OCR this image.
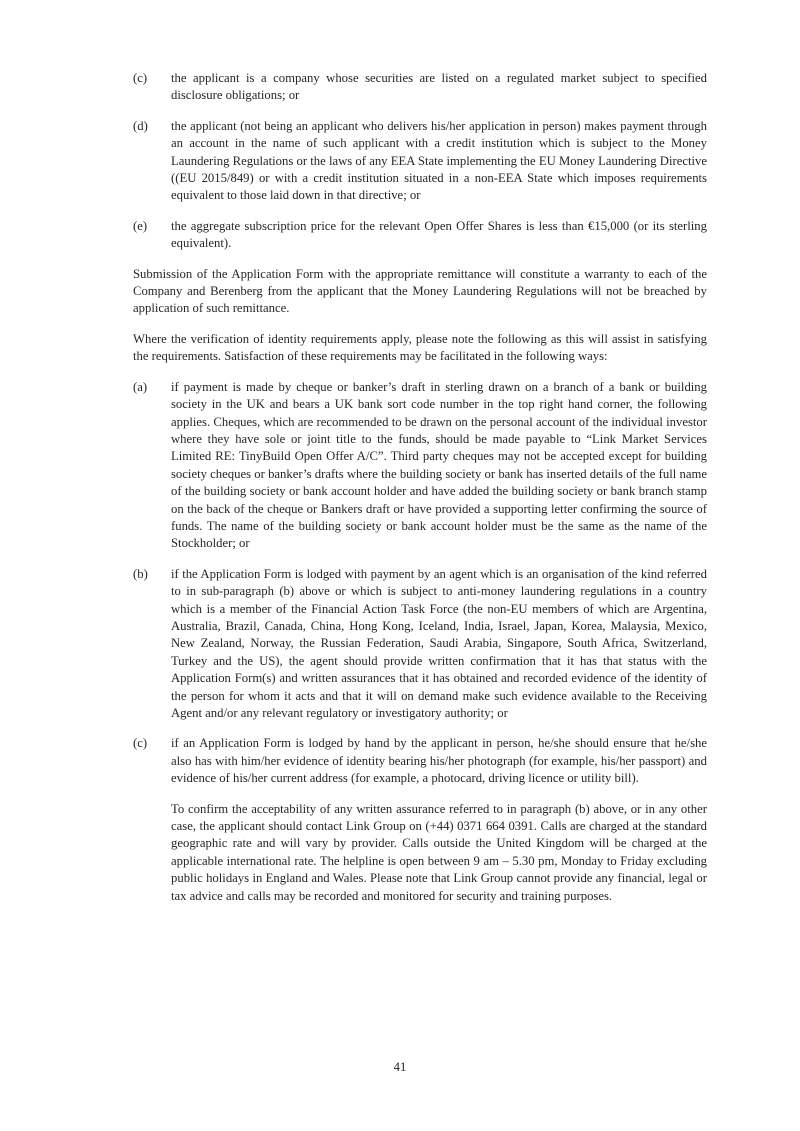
(c)	the applicant is a company whose securities are listed on a regulated market subject to specified disclosure obligations; or
(d)	the applicant (not being an applicant who delivers his/her application in person) makes payment through an account in the name of such applicant with a credit institution which is subject to the Money Laundering Regulations or the laws of any EEA State implementing the EU Money Laundering Directive ((EU 2015/849) or with a credit institution situated in a non-EEA State which imposes requirements equivalent to those laid down in that directive; or
(e)	the aggregate subscription price for the relevant Open Offer Shares is less than €15,000 (or its sterling equivalent).
Submission of the Application Form with the appropriate remittance will constitute a warranty to each of the Company and Berenberg from the applicant that the Money Laundering Regulations will not be breached by application of such remittance.
Where the verification of identity requirements apply, please note the following as this will assist in satisfying the requirements. Satisfaction of these requirements may be facilitated in the following ways:
(a)	if payment is made by cheque or banker’s draft in sterling drawn on a branch of a bank or building society in the UK and bears a UK bank sort code number in the top right hand corner, the following applies. Cheques, which are recommended to be drawn on the personal account of the individual investor where they have sole or joint title to the funds, should be made payable to “Link Market Services Limited RE: TinyBuild Open Offer A/C”. Third party cheques may not be accepted except for building society cheques or banker’s drafts where the building society or bank has inserted details of the full name of the building society or bank account holder and have added the building society or bank branch stamp on the back of the cheque or Bankers draft or have provided a supporting letter confirming the source of funds. The name of the building society or bank account holder must be the same as the name of the Stockholder; or
(b)	if the Application Form is lodged with payment by an agent which is an organisation of the kind referred to in sub-paragraph (b) above or which is subject to anti-money laundering regulations in a country which is a member of the Financial Action Task Force (the non-EU members of which are Argentina, Australia, Brazil, Canada, China, Hong Kong, Iceland, India, Israel, Japan, Korea, Malaysia, Mexico, New Zealand, Norway, the Russian Federation, Saudi Arabia, Singapore, South Africa, Switzerland, Turkey and the US), the agent should provide written confirmation that it has that status with the Application Form(s) and written assurances that it has obtained and recorded evidence of the identity of the person for whom it acts and that it will on demand make such evidence available to the Receiving Agent and/or any relevant regulatory or investigatory authority; or
(c)	if an Application Form is lodged by hand by the applicant in person, he/she should ensure that he/she also has with him/her evidence of identity bearing his/her photograph (for example, his/her passport) and evidence of his/her current address (for example, a photocard, driving licence or utility bill).
To confirm the acceptability of any written assurance referred to in paragraph (b) above, or in any other case, the applicant should contact Link Group on (+44) 0371 664 0391. Calls are charged at the standard geographic rate and will vary by provider. Calls outside the United Kingdom will be charged at the applicable international rate. The helpline is open between 9 am – 5.30 pm, Monday to Friday excluding public holidays in England and Wales. Please note that Link Group cannot provide any financial, legal or tax advice and calls may be recorded and monitored for security and training purposes.
41
